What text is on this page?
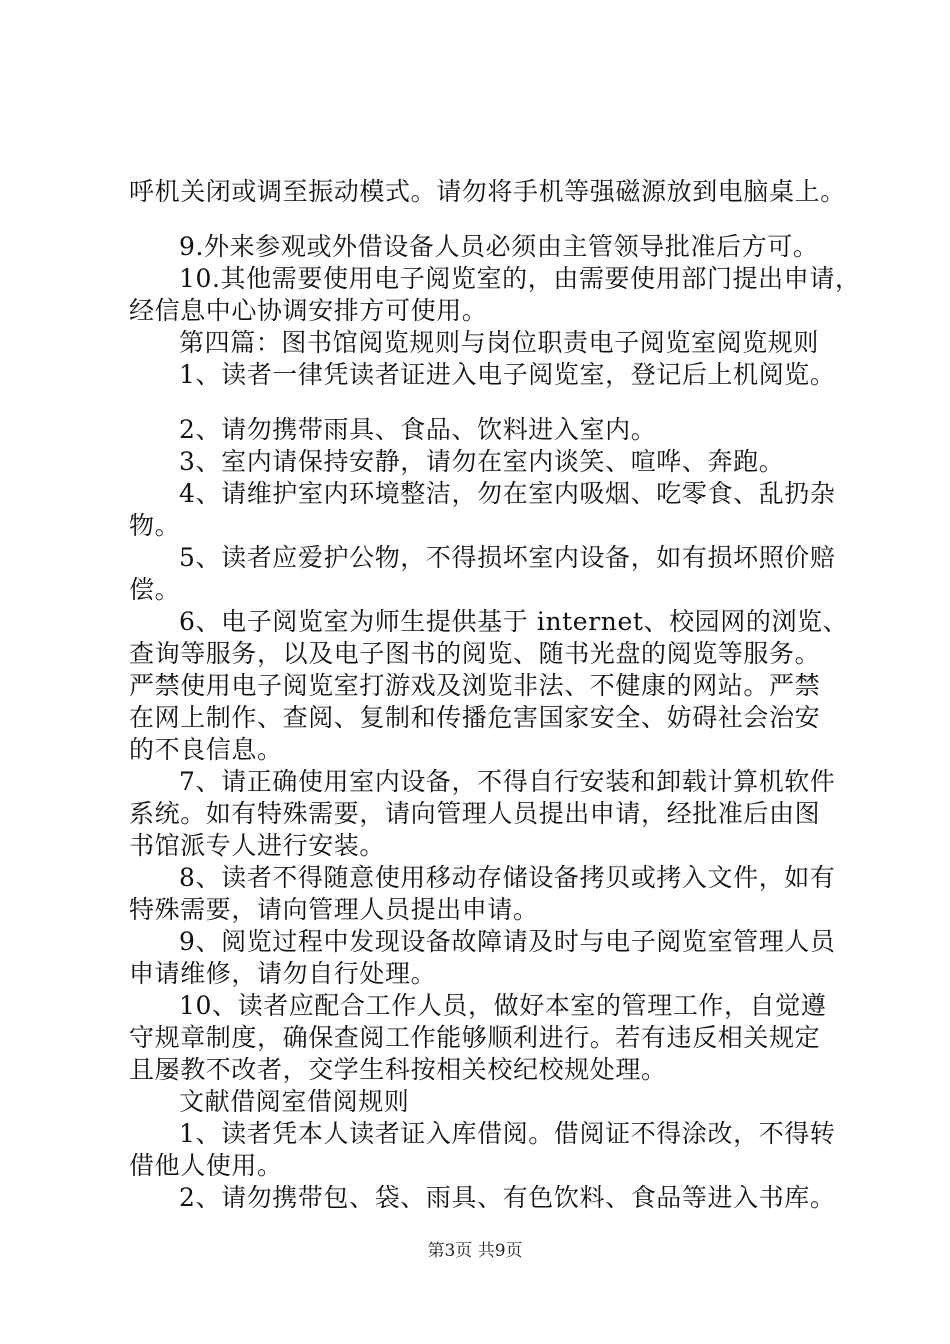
呼机关闭或调至振动模式。请勿将手机等强磁源放到电脑桌上。
9.外来参观或外借设备人员必须由主管领导批准后方可。
10.其他需要使用电子阅览室的，由需要使用部门提出申请，
经信息中心协调安排方可使用。
第四篇：图书馆阅览规则与岗位职责电子阅览室阅览规则
1、读者一律凭读者证进入电子阅览室，登记后上机阅览。
2、请勿携带雨具、食品、饮料进入室内。
3、室内请保持安静，请勿在室内谈笑、喧哗、奔跑。
4、请维护室内环境整洁，勿在室内吸烟、吃零食、乱扔杂
物。
5、读者应爱护公物，不得损坏室内设备，如有损坏照价赔
偿。
6、电子阅览室为师生提供基于 internet、校园网的浏览、
查询等服务，以及电子图书的阅览、随书光盘的阅览等服务。
严禁使用电子阅览室打游戏及浏览非法、不健康的网站。严禁
在网上制作、查阅、复制和传播危害国家安全、妨碍社会治安
的不良信息。
7、请正确使用室内设备，不得自行安装和卸载计算机软件
系统。如有特殊需要，请向管理人员提出申请，经批准后由图
书馆派专人进行安装。
8、读者不得随意使用移动存储设备拷贝或拷入文件，如有
特殊需要，请向管理人员提出申请。
9、阅览过程中发现设备故障请及时与电子阅览室管理人员
申请维修，请勿自行处理。
10、读者应配合工作人员，做好本室的管理工作，自觉遵
守规章制度，确保查阅工作能够顺利进行。若有违反相关规定
且屡教不改者，交学生科按相关校纪校规处理。
文献借阅室借阅规则
1、读者凭本人读者证入库借阅。借阅证不得涂改，不得转
借他人使用。
2、请勿携带包、袋、雨具、有色饮料、食品等进入书库。
第3页 共9页
